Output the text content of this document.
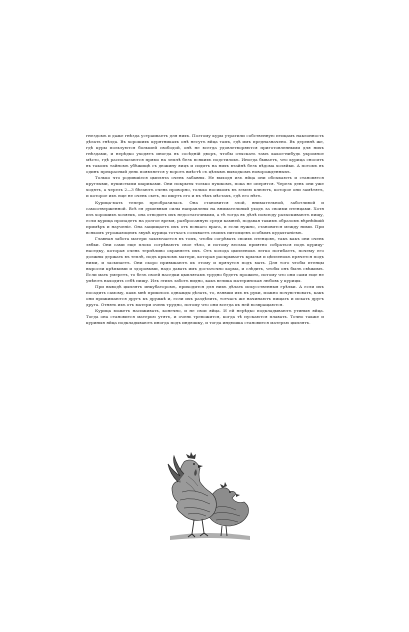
гнездомъ и даже гнѣзда устраиваетъ для нихъ. Поэтому куры утратили собственную птицамъ наклонность дѣлать гнѣзда. Въ хорошихъ курятникахъ онѣ несутъ яйца тамъ, гдѣ имъ предназначено. Въ деревнѣ же, гдѣ куры пользуются большей свободой, онѣ не всегда удовлетворяются приготовленными для нихъ гнѣздами, и нерѣдко уходятъ иногда въ сосѣдній дворъ, чтобы отыскать тамъ какое-нибудь укромное мѣсто, гдѣ располагаются прямо на землѣ безъ всякихъ подстилокъ. Иногда бываетъ, что курица сноситъ въ такомъ тайномъ убѣжищѣ съ дюжину яицъ и сидитъ на нихъ втайнѣ безъ вѣдома хозяйки. А потомъ въ одинъ прекрасный день появляется у воротъ вмѣстѣ съ цѣлымъ выводкомъ новорожденныхъ.

Только что родившіеся цыплята очень забавны. Не выходя изъ яйца они обсыхаютъ и становятся круглыми, пушистыми шариками. Они покрыты только пушкомъ, пока не оперятся. Черезъ день они уже ходятъ, а черезъ 2—3 бѣгаютъ очень проворно, только носикомъ въ землю клюютъ, которое они замѣтятъ, и которое ихъ еще не очень сытъ, но ищутъ его и въ тѣхъ мѣстахъ, гдѣ его нѣтъ.

Курица-мать теперь преобразилась. Она становится злой, внимательной, заботливой и самоотверженной. Всѣ ея душевныя силы направлены на внимательный уходъ за своими птенцами. Хотя изъ хорошихъ хозяекъ, она отводитъ ихъ недостаточными, а тѣ тогда въ дѣлѣ повсюду разыскиваютъ пищу, если курица пропадетъ на долгое время, разбросанную среди камней, подавая такимъ образомъ вѣрнѣйшій примѣръ и наученіе. Она защищаетъ ихъ отъ всякаго врага, и если нужно, становится между ними. При всякомъ угрожающемъ звукѣ курица тотчасъ созываетъ своихъ питомцевъ особымъ кудахтаніемъ.

Главная забота матери заключается въ томъ, чтобы согрѣвать своихъ птенцовъ, такъ какъ они очень зябки. Они сами еще плохо согрѣваютъ свое тѣло, и потому весьма приятно собраться подъ курицу-наседку, которая очень терпѣливо охраняетъ ихъ. Отъ холода цыпленокъ легко погибаетъ, почему его должны держать въ теплѣ, подъ крыломъ матери, которая раскрываетъ крылья и цѣпленокъ прячется подъ ними, и засыпаетъ. Они скоро привыкаютъ къ этому и прячутся подъ мать. Для того чтобы птенцы выросли крѣпкими и здоровыми, надо давать имъ достаточно корма, и слѣдить, чтобы онъ былъ свѣжимъ. Если мать умеретъ, то безъ своей наседки цыплятамъ трудно будетъ прожить, потому что они сами еще не умѣютъ находить себѣ пищу. Изъ этихъ заботъ видно, какъ велика материнская любовь у курицы.

При выводѣ цыплятъ инкубаторомъ, приходится для нихъ дѣлать искусственныя грѣлки. А если ихъ посадить самому, какъ мнѣ пришлось однажды дѣлать, то, взявши ихъ въ руки, можно почувствовать, какъ они прижимаются другъ къ дружкѣ и, если ихъ раздѣлить, тотчасъ же начинаютъ пищать и искать другъ друга. Отнять ихъ отъ матери очень трудно, потому что они всегда къ ней возвращаются.

Курица можетъ насиживать, конечно, и не свои яйца. И ей нерѣдко подкладываютъ утиныя яйца. Тогда она становится матерью утятъ, и очень тревожится, когда тѣ пускаются плавать. Точно также и куриныя яйца подкладываютъ иногда подъ индюшку, и тогда индюшка становится матерью цыплятъ.
